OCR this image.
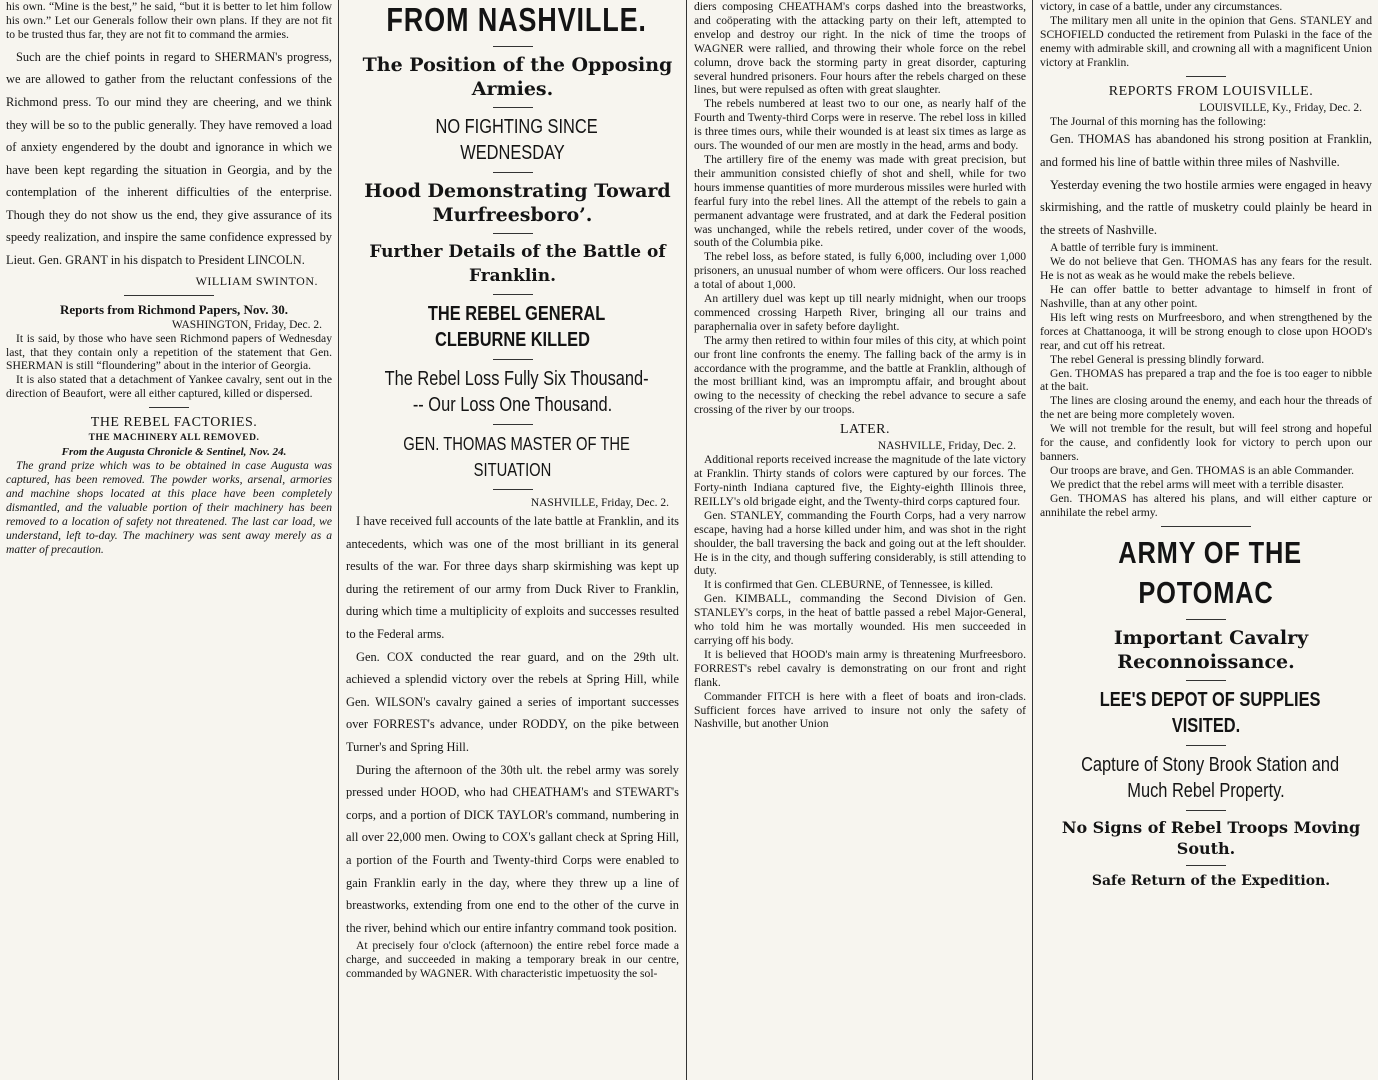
his own. “Mine is the best,” he said, “but it is better to let him follow his own.” Let our Generals follow their own plans. If they are not fit to be trusted thus far, they are not fit to command the armies.

Such are the chief points in regard to SHERMAN's progress, we are allowed to gather from the reluctant confessions of the Richmond press. To our mind they are cheering, and we think they will be so to the public generally. They have removed a load of anxiety engendered by the doubt and ignorance in which we have been kept regarding the situation in Georgia, and by the contemplation of the inherent difficulties of the enterprise. Though they do not show us the end, they give assurance of its speedy realization, and inspire the same confidence expressed by Lieut. Gen. GRANT in his dispatch to President LINCOLN.

WILLIAM SWINTON.

Reports from Richmond Papers, Nov. 30.

WASHINGTON, Friday, Dec. 2.

It is said, by those who have seen Richmond papers of Wednesday last, that they contain only a repetition of the statement that Gen. SHERMAN is still “floundering” about in the interior of Georgia.

It is also stated that a detachment of Yankee cavalry, sent out in the direction of Beaufort, were all either captured, killed or dispersed.

THE REBEL FACTORIES.

THE MACHINERY ALL REMOVED.

From the Augusta Chronicle & Sentinel, Nov. 24.

The grand prize which was to be obtained in case Augusta was captured, has been removed. The powder works, arsenal, armories and machine shops located at this place have been completely dismantled, and the valuable portion of their machinery has been removed to a location of safety not threatened. The last car load, we understand, left to-day. The machinery was sent away merely as a matter of precaution.

FROM NASHVILLE.

The Position of the Opposing Armies.

NO FIGHTING SINCE WEDNESDAY

Hood Demonstrating Toward Murfreesboro’.

Further Details of the Battle of Franklin.

THE REBEL GENERAL CLEBURNE KILLED

The Rebel Loss Fully Six Thousand--- Our Loss One Thousand.

GEN. THOMAS MASTER OF THE SITUATION

NASHVILLE, Friday, Dec. 2.

I have received full accounts of the late battle at Franklin, and its antecedents, which was one of the most brilliant in its general results of the war. For three days sharp skirmishing was kept up during the retirement of our army from Duck River to Franklin, during which time a multiplicity of exploits and successes resulted to the Federal arms.

Gen. COX conducted the rear guard, and on the 29th ult. achieved a splendid victory over the rebels at Spring Hill, while Gen. WILSON's cavalry gained a series of important successes over FORREST's advance, under RODDY, on the pike between Turner's and Spring Hill.

During the afternoon of the 30th ult. the rebel army was sorely pressed under HOOD, who had CHEATHAM's and STEWART's corps, and a portion of DICK TAYLOR's command, numbering in all over 22,000 men. Owing to COX's gallant check at Spring Hill, a portion of the Fourth and Twenty-third Corps were enabled to gain Franklin early in the day, where they threw up a line of breastworks, extending from one end to the other of the curve in the river, behind which our entire infantry command took position.

At precisely four o'clock (afternoon) the entire rebel force made a charge, and succeeded in making a temporary break in our centre, commanded by WAGNER. With characteristic impetuosity the sol-

diers composing CHEATHAM's corps dashed into the breastworks, and coöperating with the attacking party on their left, attempted to envelop and destroy our right. In the nick of time the troops of WAGNER were rallied, and throwing their whole force on the rebel column, drove back the storming party in great disorder, capturing several hundred prisoners. Four hours after the rebels charged on these lines, but were repulsed as often with great slaughter.

The rebels numbered at least two to our one, as nearly half of the Fourth and Twenty-third Corps were in reserve. The rebel loss in killed is three times ours, while their wounded is at least six times as large as ours. The wounded of our men are mostly in the head, arms and body.

The artillery fire of the enemy was made with great precision, but their ammunition consisted chiefly of shot and shell, while for two hours immense quantities of more murderous missiles were hurled with fearful fury into the rebel lines. All the attempt of the rebels to gain a permanent advantage were frustrated, and at dark the Federal position was unchanged, while the rebels retired, under cover of the woods, south of the Columbia pike.

The rebel loss, as before stated, is fully 6,000, including over 1,000 prisoners, an unusual number of whom were officers. Our loss reached a total of about 1,000.

An artillery duel was kept up till nearly midnight, when our troops commenced crossing Harpeth River, bringing all our trains and paraphernalia over in safety before daylight.

The army then retired to within four miles of this city, at which point our front line confronts the enemy. The falling back of the army is in accordance with the programme, and the battle at Franklin, although of the most brilliant kind, was an impromptu affair, and brought about owing to the necessity of checking the rebel advance to secure a safe crossing of the river by our troops.

LATER.

NASHVILLE, Friday, Dec. 2.

Additional reports received increase the magnitude of the late victory at Franklin. Thirty stands of colors were captured by our forces. The Forty-ninth Indiana captured five, the Eighty-eighth Illinois three, REILLY's old brigade eight, and the Twenty-third corps captured four.

Gen. STANLEY, commanding the Fourth Corps, had a very narrow escape, having had a horse killed under him, and was shot in the right shoulder, the ball traversing the back and going out at the left shoulder. He is in the city, and though suffering considerably, is still attending to duty.

It is confirmed that Gen. CLEBURNE, of Tennessee, is killed.

Gen. KIMBALL, commanding the Second Division of Gen. STANLEY's corps, in the heat of battle passed a rebel Major-General, who told him he was mortally wounded. His men succeeded in carrying off his body.

It is believed that HOOD's main army is threatening Murfreesboro. FORREST's rebel cavalry is demonstrating on our front and right flank.

Commander FITCH is here with a fleet of boats and iron-clads. Sufficient forces have arrived to insure not only the safety of Nashville, but another Union

victory, in case of a battle, under any circumstances.

The military men all unite in the opinion that Gens. STANLEY and SCHOFIELD conducted the retirement from Pulaski in the face of the enemy with admirable skill, and crowning all with a magnificent Union victory at Franklin.

REPORTS FROM LOUISVILLE.

LOUISVILLE, Ky., Friday, Dec. 2.

The Journal of this morning has the following:

Gen. THOMAS has abandoned his strong position at Franklin, and formed his line of battle within three miles of Nashville.

Yesterday evening the two hostile armies were engaged in heavy skirmishing, and the rattle of musketry could plainly be heard in the streets of Nashville.

A battle of terrible fury is imminent.

We do not believe that Gen. THOMAS has any fears for the result. He is not as weak as he would make the rebels believe.

He can offer battle to better advantage to himself in front of Nashville, than at any other point.

His left wing rests on Murfreesboro, and when strengthened by the forces at Chattanooga, it will be strong enough to close upon HOOD's rear, and cut off his retreat.

The rebel General is pressing blindly forward.

Gen. THOMAS has prepared a trap and the foe is too eager to nibble at the bait.

The lines are closing around the enemy, and each hour the threads of the net are being more completely woven.

We will not tremble for the result, but will feel strong and hopeful for the cause, and confidently look for victory to perch upon our banners.

Our troops are brave, and Gen. THOMAS is an able Commander.

We predict that the rebel arms will meet with a terrible disaster.

Gen. THOMAS has altered his plans, and will either capture or annihilate the rebel army.

ARMY OF THE POTOMAC

Important Cavalry Reconnoissance.

LEE'S DEPOT OF SUPPLIES VISITED.

Capture of Stony Brook Station and Much Rebel Property.

No Signs of Rebel Troops Moving South.

Safe Return of the Expedition.
